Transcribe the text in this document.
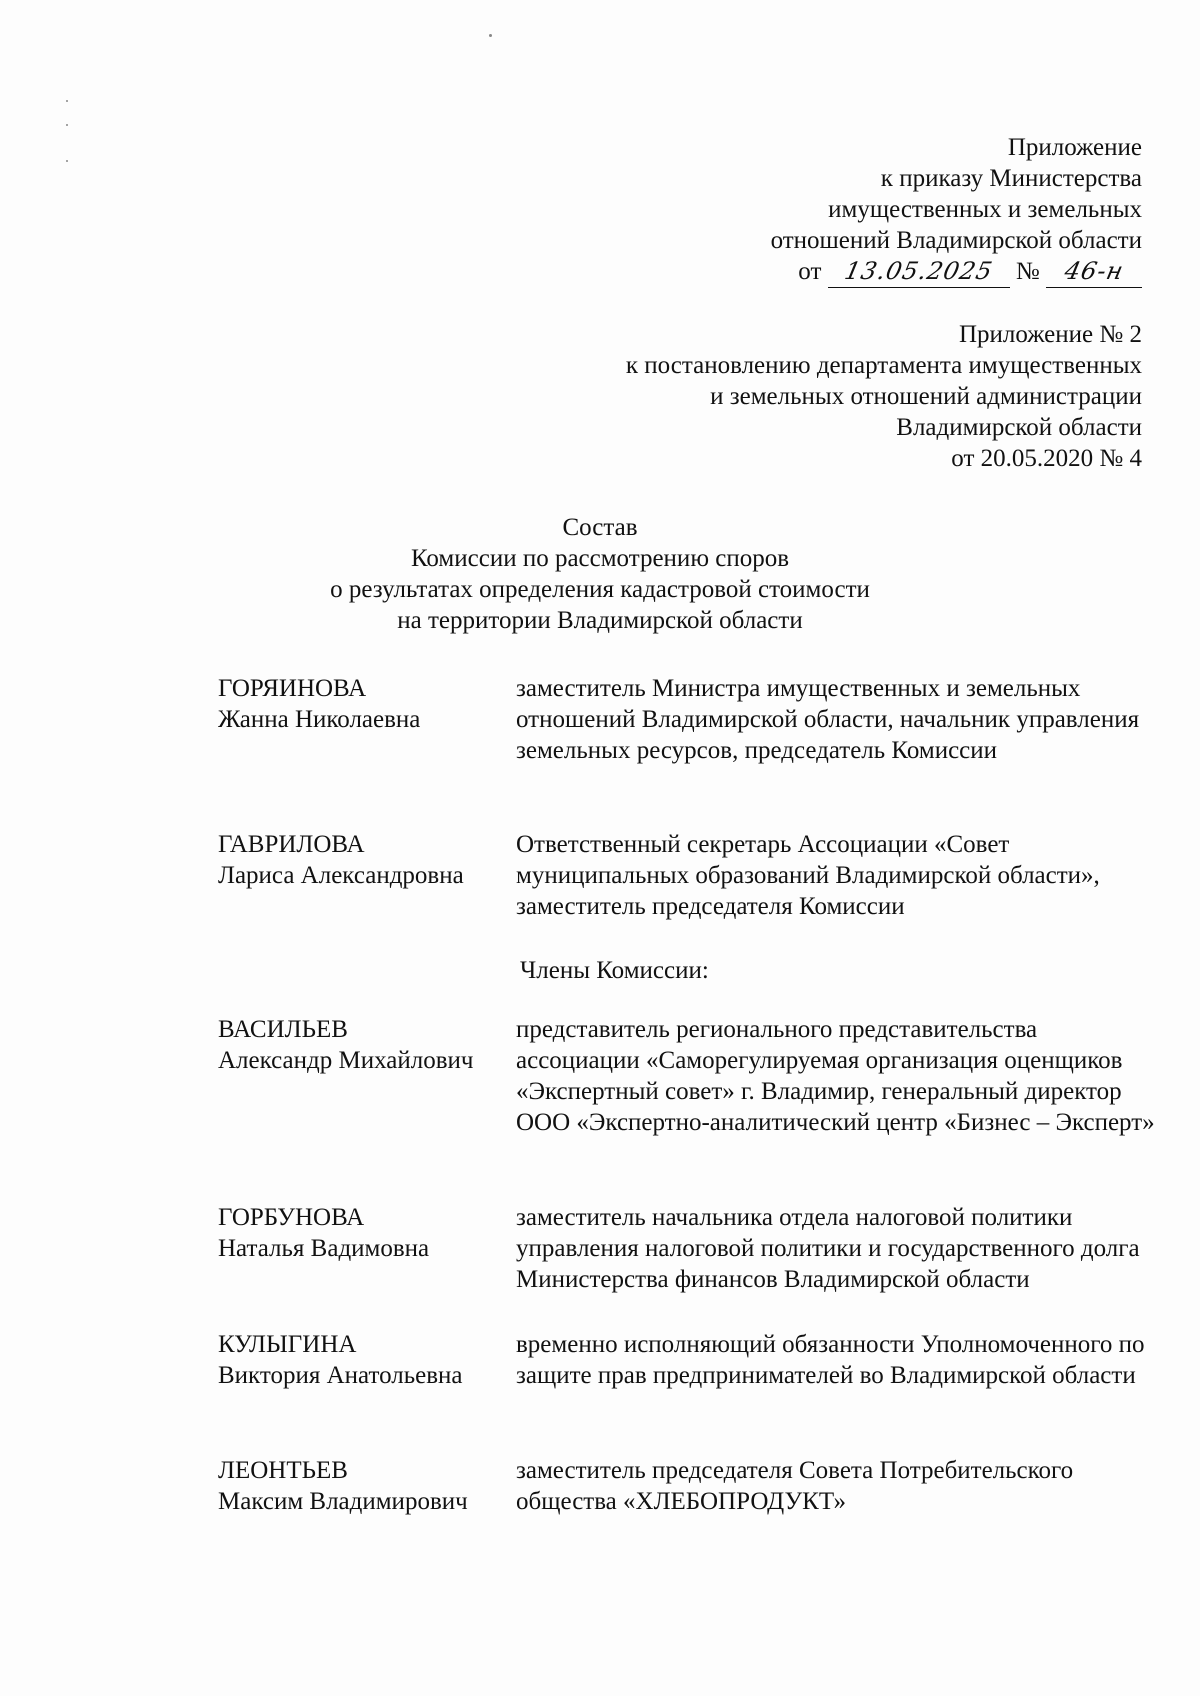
Приложение
к приказу Министерства
имущественных и земельных
отношений Владимирской области
от 13.05.2025 № 46-н
Приложение № 2
к постановлению департамента имущественных
и земельных отношений администрации
Владимирской области
от 20.05.2020 № 4
Состав
Комиссии по рассмотрению споров
о результатах определения кадастровой стоимости
на территории Владимирской области
ГОРЯИНОВА
Жанна Николаевна
заместитель Министра имущественных и земельных отношений Владимирской области, начальник управления земельных ресурсов, председатель Комиссии
ГАВРИЛОВА
Лариса Александровна
Ответственный секретарь Ассоциации «Совет муниципальных образований Владимирской области», заместитель председателя Комиссии
Члены Комиссии:
ВАСИЛЬЕВ
Александр Михайлович
представитель регионального представительства ассоциации «Саморегулируемая организация оценщиков «Экспертный совет» г. Владимир, генеральный директор ООО «Экспертно-аналитический центр «Бизнес – Эксперт»
ГОРБУНОВА
Наталья Вадимовна
заместитель начальника отдела налоговой политики управления налоговой политики и государственного долга Министерства финансов Владимирской области
КУЛЫГИНА
Виктория Анатольевна
временно исполняющий обязанности Уполномоченного по защите прав предпринимателей во Владимирской области
ЛЕОНТЬЕВ
Максим Владимирович
заместитель председателя Совета Потребительского общества «ХЛЕБОПРОДУКТ»
